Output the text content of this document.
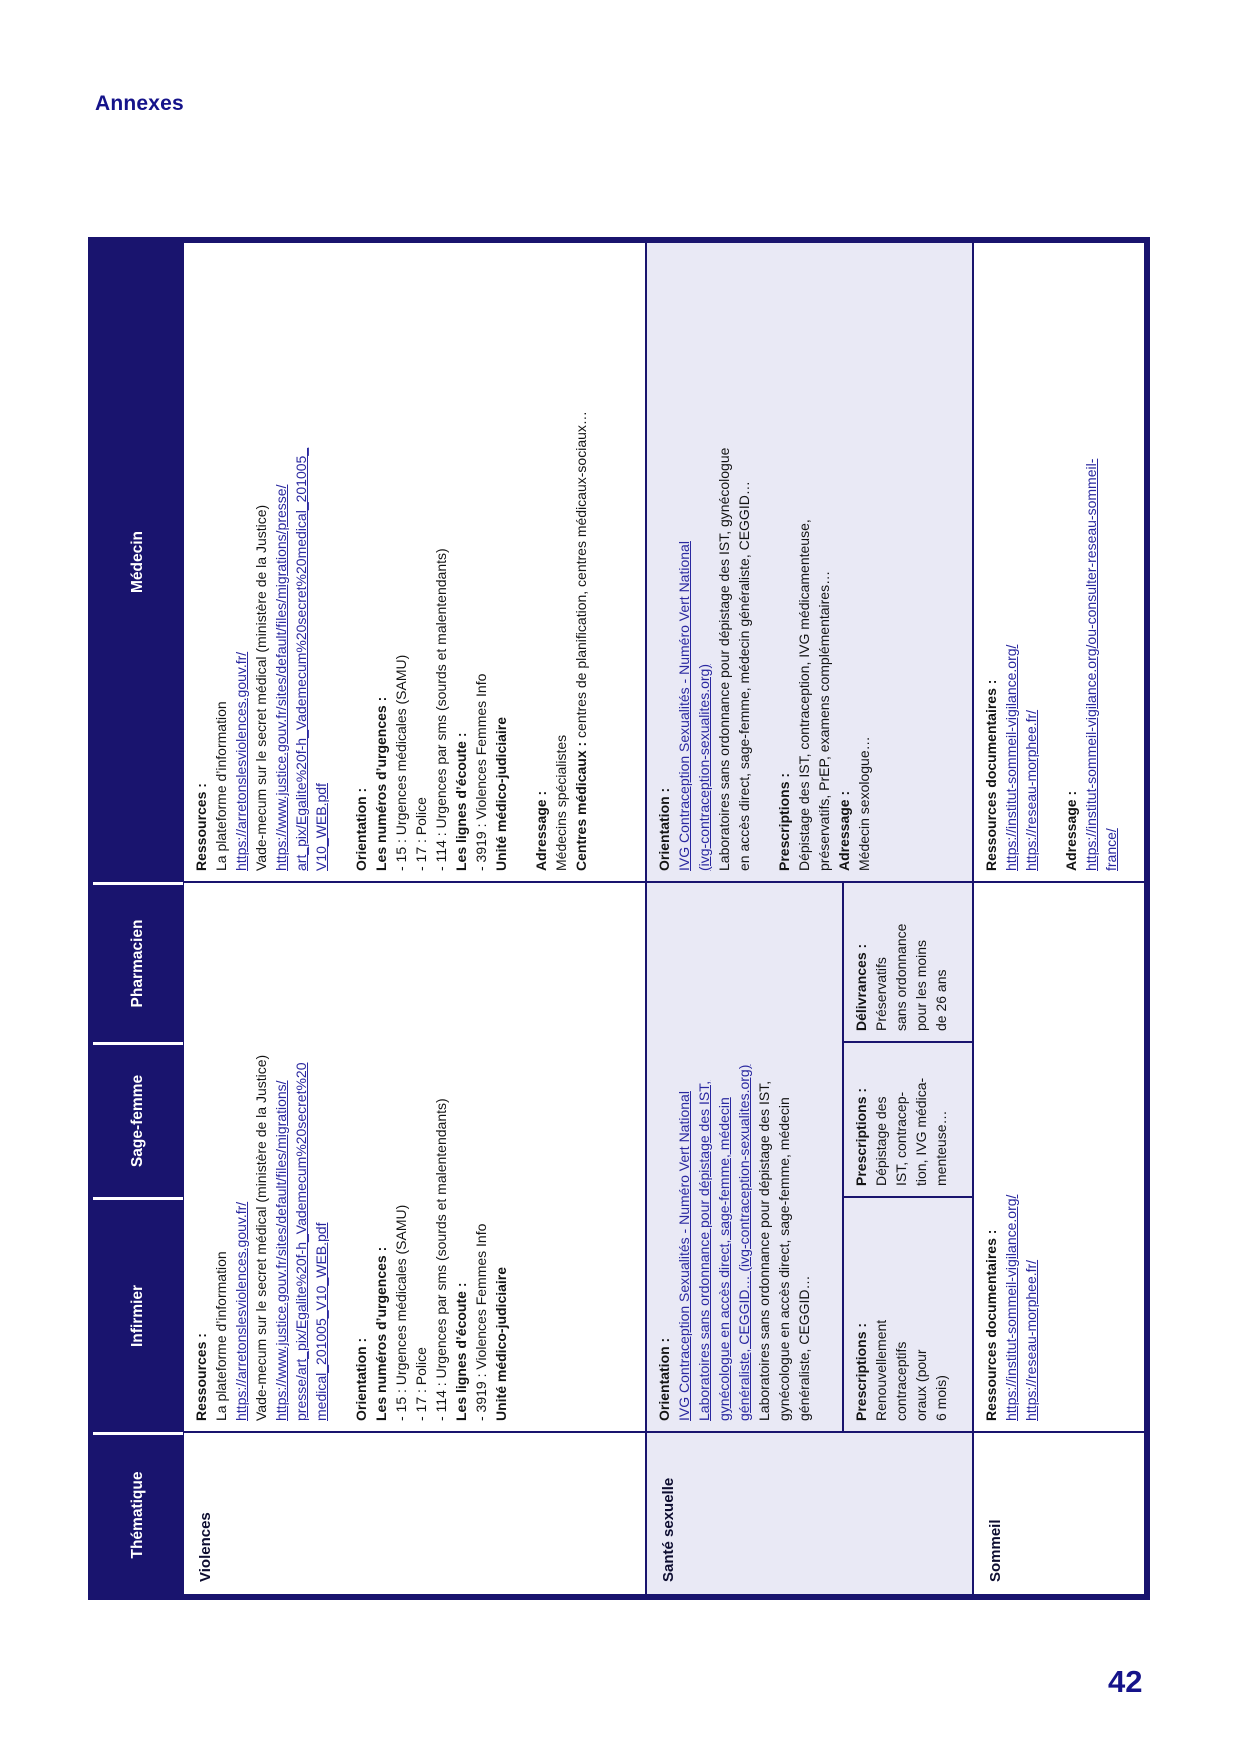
Annexes
Thématique
Infirmier
Sage-femme
Pharmacien
Médecin
Violences
Ressources : La plateforme d’information https://arretonslesviolences.gouv.fr/ Vade-mecum sur le secret médical (ministère de la Justice) https://www.justice.gouv.fr/sites/default/files/migrations/ presse/art_pix/Egalite%20f-h_Vademecum%20secret%20 medical_201005_V10_WEB.pdf Orientation : Les numéros d’urgences : - 15 : Urgences médicales (SAMU) - 17 : Police - 114 : Urgences par sms (sourds et malentendants) Les lignes d’écoute : - 3919 : Violences Femmes Info Unité médico-judiciaire
Ressources : La plateforme d’information https://arretonslesviolences.gouv.fr/ Vade-mecum sur le secret médical (ministère de la Justice) https://www.justice.gouv.fr/sites/default/files/migrations/presse/ art_pix/Egalite%20f-h_Vademecum%20secret%20medical_201005_ V10_WEB.pdf Orientation : Les numéros d’urgences : - 15 : Urgences médicales (SAMU) - 17 : Police - 114 : Urgences par sms (sourds et malentendants) Les lignes d’écoute : - 3919 : Violences Femmes Info Unité médico-judiciaire Adressage : Médecins spécialistes Centres médicaux : centres de planification, centres médicaux-sociaux…
Santé sexuelle
Orientation : IVG Contraception Sexualités - Numéro Vert National Laboratoires sans ordonnance pour dépistage des IST, gynécologue en accès direct, sage-femme, médecin généraliste, CEGGID… (ivg-contraception-sexualites.org) Laboratoires sans ordonnance pour dépistage des IST, gynécologue en accès direct, sage-femme, médecin généraliste, CEGGID…	Prescriptions : Renouvellement contraceptifs oraux (pour 6 mois)
Prescriptions : Dépistage des IST, contracep- tion, IVG médica- menteuse…
Délivrances : Préservatifs sans ordonnance pour les moins de 26 ans
Orientation : IVG Contraception Sexualités - Numéro Vert National (ivg-contraception-sexualites.org) Laboratoires sans ordonnance pour dépistage des IST, gynécologue en accès direct, sage-femme, médecin généraliste, CEGGID… Prescriptions : Dépistage des IST, contraception, IVG médicamenteuse, préservatifs, PrEP, examens complémentaires… Adressage : Médecin sexologue…
Sommeil
Ressources documentaires : https://institut-sommeil-vigilance.org/ https://reseau-morphee.fr/
Ressources documentaires : https://institut-sommeil-vigilance.org/ https://reseau-morphee.fr/ Adressage : https://institut-sommeil-vigilance.org/ou-consulter-reseau-sommeil- france/
42
